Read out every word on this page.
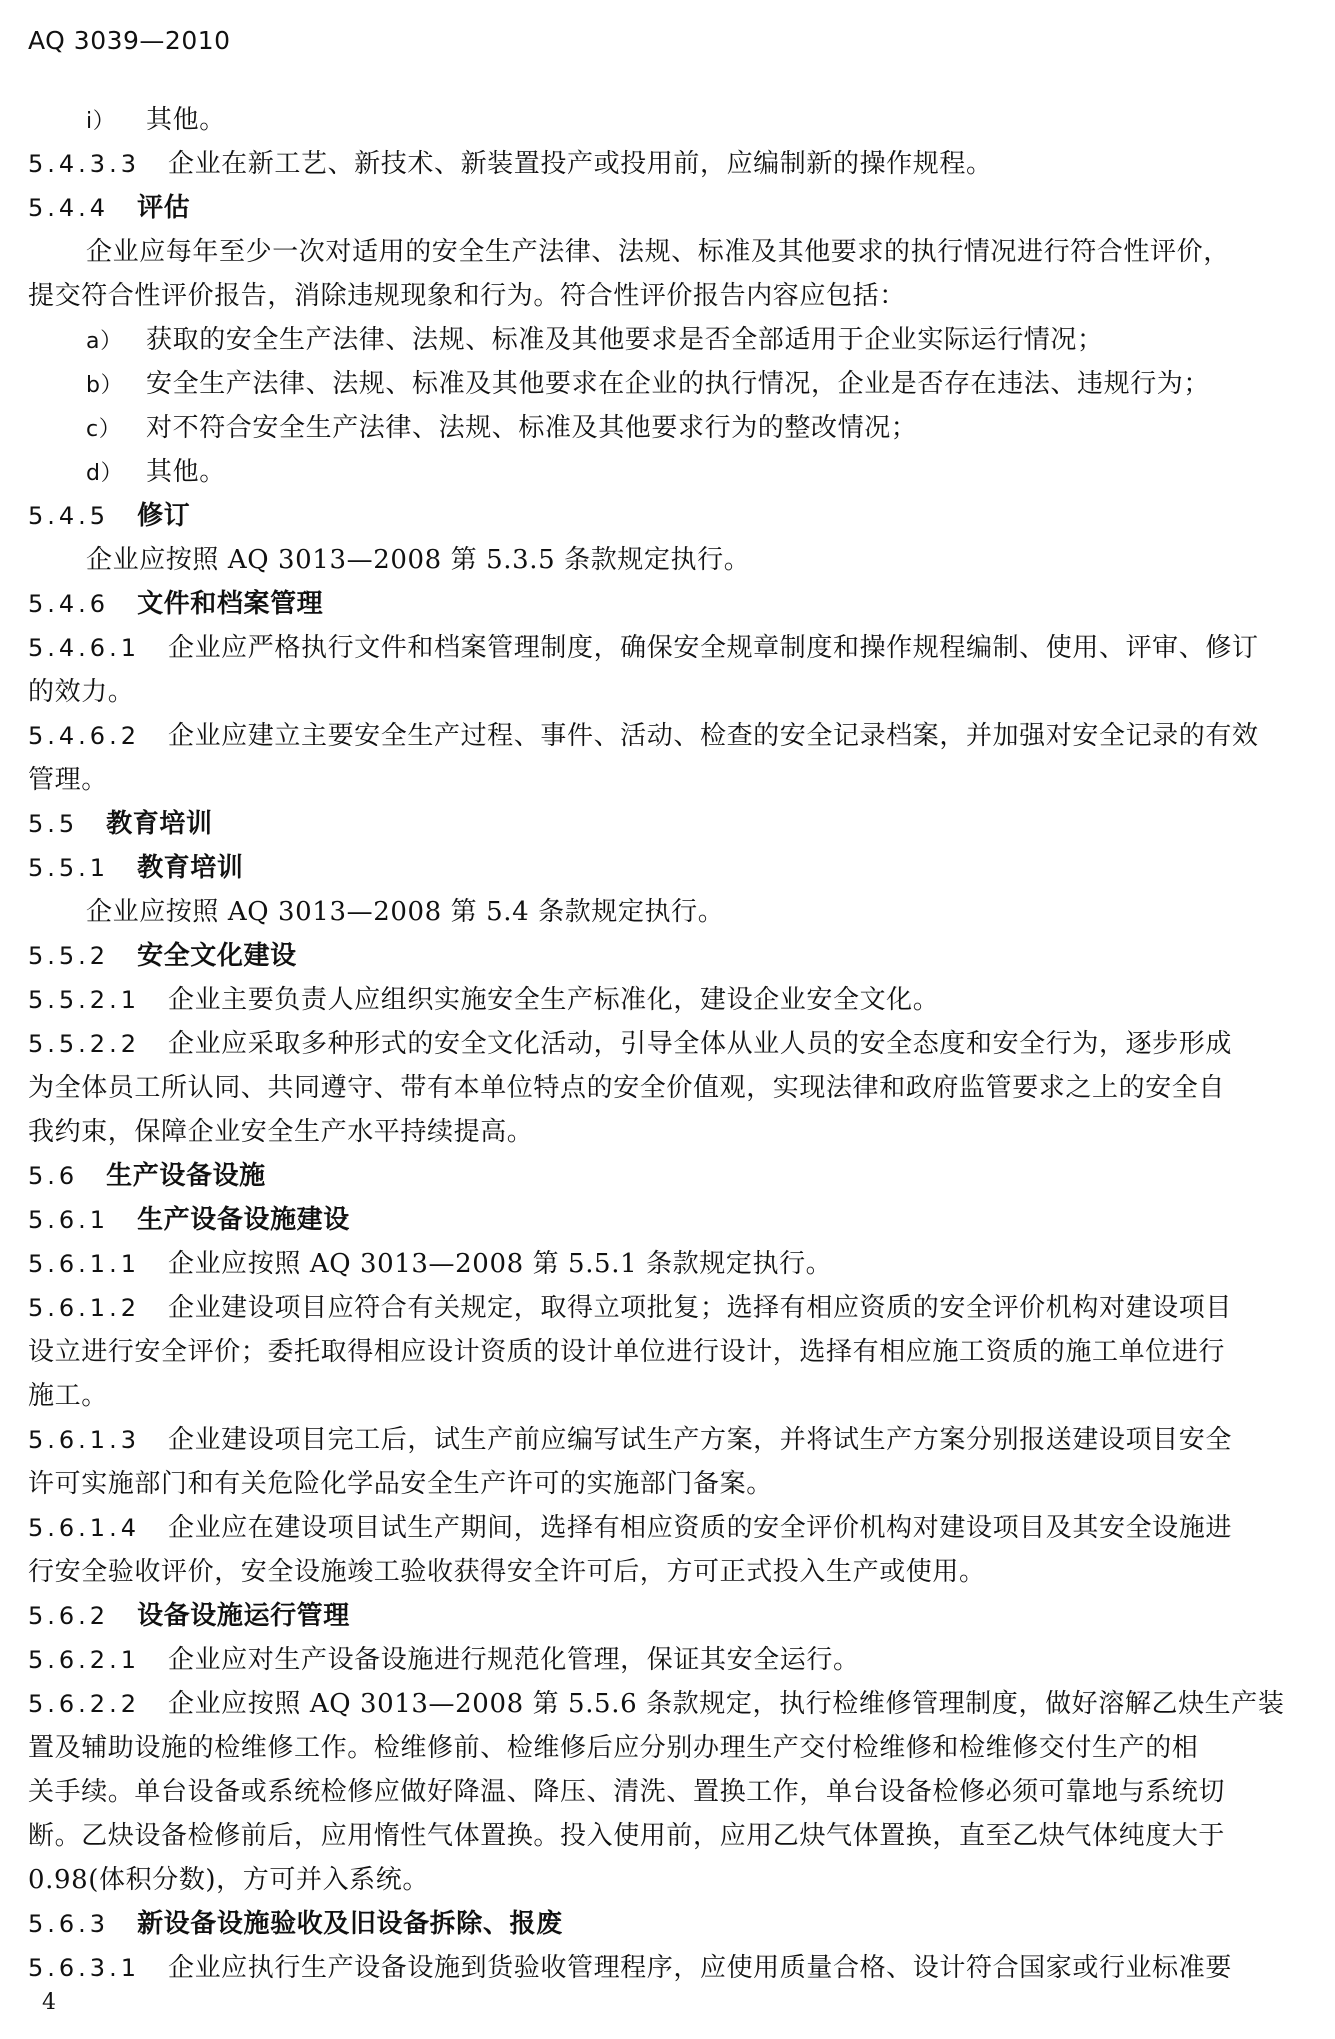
AQ 3039—2010
i） 其他。
5.4.3.3 企业在新工艺、新技术、新装置投产或投用前，应编制新的操作规程。
5.4.4 评估
企业应每年至少一次对适用的安全生产法律、法规、标准及其他要求的执行情况进行符合性评价，
提交符合性评价报告，消除违规现象和行为。符合性评价报告内容应包括：
a） 获取的安全生产法律、法规、标准及其他要求是否全部适用于企业实际运行情况；
b） 安全生产法律、法规、标准及其他要求在企业的执行情况，企业是否存在违法、违规行为；
c） 对不符合安全生产法律、法规、标准及其他要求行为的整改情况；
d） 其他。
5.4.5 修订
企业应按照 AQ 3013—2008 第 5.3.5 条款规定执行。
5.4.6 文件和档案管理
5.4.6.1 企业应严格执行文件和档案管理制度，确保安全规章制度和操作规程编制、使用、评审、修订
的效力。
5.4.6.2 企业应建立主要安全生产过程、事件、活动、检查的安全记录档案，并加强对安全记录的有效
管理。
5.5 教育培训
5.5.1 教育培训
企业应按照 AQ 3013—2008 第 5.4 条款规定执行。
5.5.2 安全文化建设
5.5.2.1 企业主要负责人应组织实施安全生产标准化，建设企业安全文化。
5.5.2.2 企业应采取多种形式的安全文化活动，引导全体从业人员的安全态度和安全行为，逐步形成
为全体员工所认同、共同遵守、带有本单位特点的安全价值观，实现法律和政府监管要求之上的安全自
我约束，保障企业安全生产水平持续提高。
5.6 生产设备设施
5.6.1 生产设备设施建设
5.6.1.1 企业应按照 AQ 3013—2008 第 5.5.1 条款规定执行。
5.6.1.2 企业建设项目应符合有关规定，取得立项批复；选择有相应资质的安全评价机构对建设项目
设立进行安全评价；委托取得相应设计资质的设计单位进行设计，选择有相应施工资质的施工单位进行
施工。
5.6.1.3 企业建设项目完工后，试生产前应编写试生产方案，并将试生产方案分别报送建设项目安全
许可实施部门和有关危险化学品安全生产许可的实施部门备案。
5.6.1.4 企业应在建设项目试生产期间，选择有相应资质的安全评价机构对建设项目及其安全设施进
行安全验收评价，安全设施竣工验收获得安全许可后，方可正式投入生产或使用。
5.6.2 设备设施运行管理
5.6.2.1 企业应对生产设备设施进行规范化管理，保证其安全运行。
5.6.2.2 企业应按照 AQ 3013—2008 第 5.5.6 条款规定，执行检维修管理制度，做好溶解乙炔生产装
置及辅助设施的检维修工作。检维修前、检维修后应分别办理生产交付检维修和检维修交付生产的相
关手续。单台设备或系统检修应做好降温、降压、清洗、置换工作，单台设备检修必须可靠地与系统切
断。乙炔设备检修前后，应用惰性气体置换。投入使用前，应用乙炔气体置换，直至乙炔气体纯度大于
0.98(体积分数)，方可并入系统。
5.6.3 新设备设施验收及旧设备拆除、报废
5.6.3.1 企业应执行生产设备设施到货验收管理程序，应使用质量合格、设计符合国家或行业标准要
4
